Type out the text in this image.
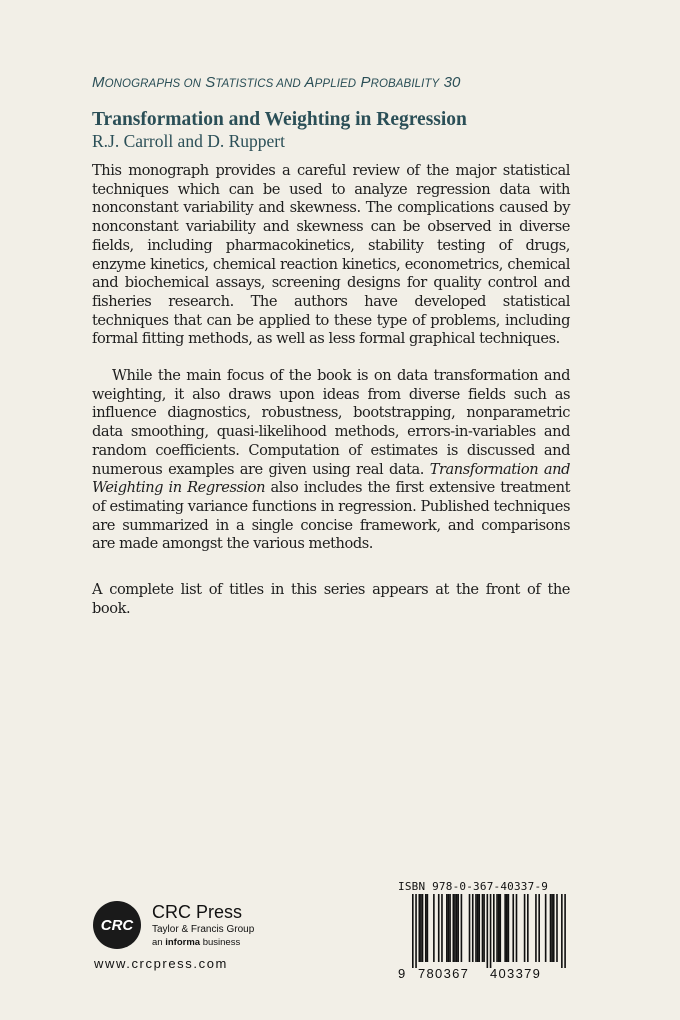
MONOGRAPHS ON STATISTICS AND APPLIED PROBABILITY 30
Transformation and Weighting in Regression
R.J. Carroll and D. Ruppert

This monograph provides a careful review of the major statistical techniques which can be used to analyze regression data with nonconstant variability and skewness. The complications caused by nonconstant variability and skewness can be observed in diverse fields, including pharmacokinetics, stability testing of drugs, enzyme kinetics, chemical reaction kinetics, econometrics, chemical and biochemical assays, screening designs for quality control and fisheries research. The authors have developed statistical techniques that can be applied to these type of problems, including formal fitting methods, as well as less formal graphical techniques.

While the main focus of the book is on data transformation and weighting, it also draws upon ideas from diverse fields such as influence diagnostics, robustness, bootstrapping, nonparametric data smoothing, quasi-likelihood methods, errors-in-variables and random coefficients. Computation of estimates is discussed and numerous examples are given using real data. Transformation and Weighting in Regression also includes the first extensive treatment of estimating variance functions in regression. Published techniques are summarized in a single concise framework, and comparisons are made amongst the various methods.

A complete list of titles in this series appears at the front of the book.

CRC
CRC Press
Taylor & Francis Group
an informa business
www.crcpress.com
ISBN 978-0-367-40337-9
9 780367 403379
